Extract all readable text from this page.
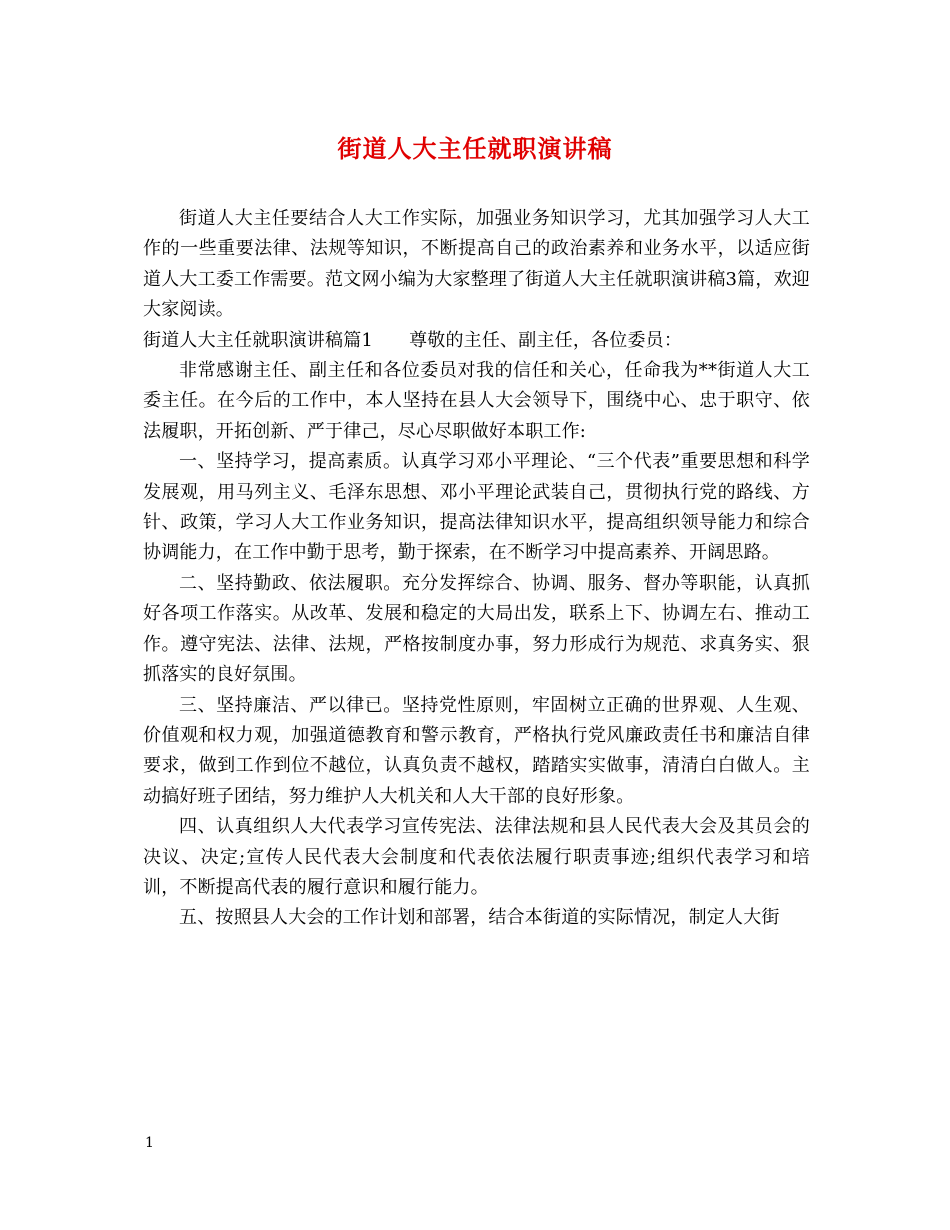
街道人大主任就职演讲稿

街道人大主任要结合人大工作实际，加强业务知识学习，尤其加强学习人大工作的一些重要法律、法规等知识，不断提高自己的政治素养和业务水平，以适应街道人大工委工作需要。范文网小编为大家整理了街道人大主任就职演讲稿3篇，欢迎大家阅读。

街道人大主任就职演讲稿篇1 尊敬的主任、副主任，各位委员：

非常感谢主任、副主任和各位委员对我的信任和关心，任命我为**街道人大工委主任。在今后的工作中，本人坚持在县人大会领导下，围绕中心、忠于职守、依法履职，开拓创新、严于律己，尽心尽职做好本职工作:

一、坚持学习，提高素质。认真学习邓小平理论、“三个代表”重要思想和科学发展观，用马列主义、毛泽东思想、邓小平理论武装自己，贯彻执行党的路线、方针、政策，学习人大工作业务知识，提高法律知识水平，提高组织领导能力和综合协调能力，在工作中勤于思考，勤于探索，在不断学习中提高素养、开阔思路。

二、坚持勤政、依法履职。充分发挥综合、协调、服务、督办等职能，认真抓好各项工作落实。从改革、发展和稳定的大局出发，联系上下、协调左右、推动工作。遵守宪法、法律、法规，严格按制度办事，努力形成行为规范、求真务实、狠抓落实的良好氛围。

三、坚持廉洁、严以律已。坚持党性原则，牢固树立正确的世界观、人生观、价值观和权力观，加强道德教育和警示教育，严格执行党风廉政责任书和廉洁自律要求，做到工作到位不越位，认真负责不越权，踏踏实实做事，清清白白做人。主动搞好班子团结，努力维护人大机关和人大干部的良好形象。

四、认真组织人大代表学习宣传宪法、法律法规和县人民代表大会及其员会的决议、决定;宣传人民代表大会制度和代表依法履行职责事迹;组织代表学习和培训，不断提高代表的履行意识和履行能力。

五、按照县人大会的工作计划和部署，结合本街道的实际情况，制定人大街

1
